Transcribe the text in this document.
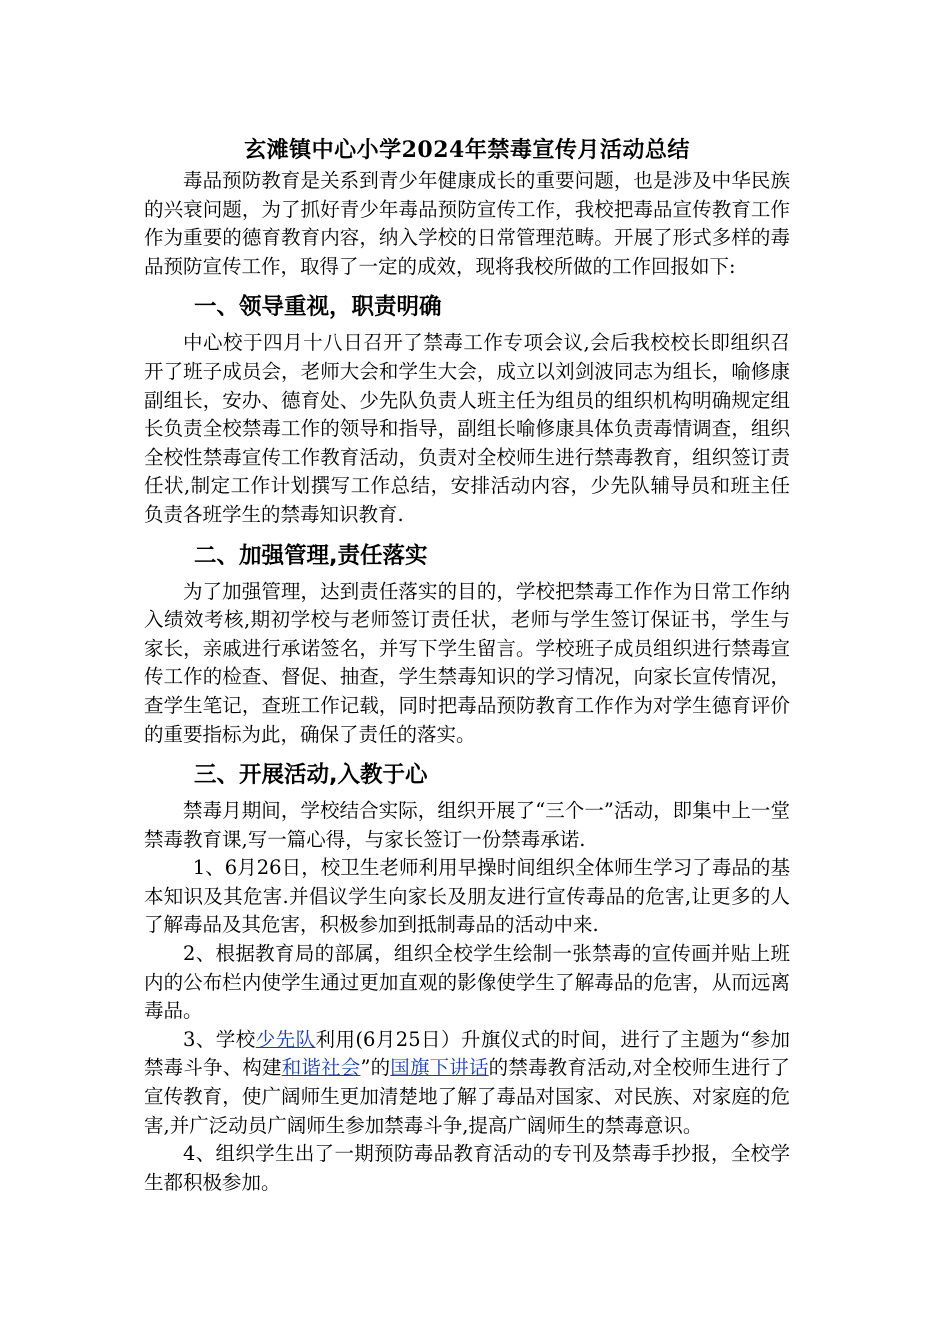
玄滩镇中心小学2024年禁毒宣传月活动总结

毒品预防教育是关系到青少年健康成长的重要问题，也是涉及中华民族的兴衰问题，为了抓好青少年毒品预防宣传工作，我校把毒品宣传教育工作作为重要的德育教育内容，纳入学校的日常管理范畴。开展了形式多样的毒品预防宣传工作，取得了一定的成效，现将我校所做的工作回报如下:

一、领导重视，职责明确

中心校于四月十八日召开了禁毒工作专项会议,会后我校校长即组织召开了班子成员会，老师大会和学生大会，成立以刘剑波同志为组长，喻修康副组长，安办、德育处、少先队负责人班主任为组员的组织机构明确规定组长负责全校禁毒工作的领导和指导，副组长喻修康具体负责毒情调查，组织全校性禁毒宣传工作教育活动，负责对全校师生进行禁毒教育，组织签订责任状,制定工作计划撰写工作总结，安排活动内容，少先队辅导员和班主任负责各班学生的禁毒知识教育.

二、加强管理,责任落实

为了加强管理，达到责任落实的目的，学校把禁毒工作作为日常工作纳入绩效考核,期初学校与老师签订责任状，老师与学生签订保证书，学生与家长，亲戚进行承诺签名，并写下学生留言。学校班子成员组织进行禁毒宣传工作的检查、督促、抽查，学生禁毒知识的学习情况，向家长宣传情况，查学生笔记，查班工作记载，同时把毒品预防教育工作作为对学生德育评价的重要指标为此，确保了责任的落实。

三、开展活动,入教于心

禁毒月期间，学校结合实际，组织开展了“三个一”活动，即集中上一堂禁毒教育课,写一篇心得，与家长签订一份禁毒承诺.

1、6月26日，校卫生老师利用早操时间组织全体师生学习了毒品的基本知识及其危害.并倡议学生向家长及朋友进行宣传毒品的危害,让更多的人了解毒品及其危害，积极参加到抵制毒品的活动中来.

2、根据教育局的部属，组织全校学生绘制一张禁毒的宣传画并贴上班内的公布栏内使学生通过更加直观的影像使学生了解毒品的危害，从而远离毒品。

3、学校少先队利用(6月25日）升旗仪式的时间，进行了主题为“参加禁毒斗争、构建和谐社会”的国旗下讲话的禁毒教育活动,对全校师生进行了宣传教育，使广阔师生更加清楚地了解了毒品对国家、对民族、对家庭的危害,并广泛动员广阔师生参加禁毒斗争,提高广阔师生的禁毒意识。

4、组织学生出了一期预防毒品教育活动的专刊及禁毒手抄报，全校学生都积极参加。
